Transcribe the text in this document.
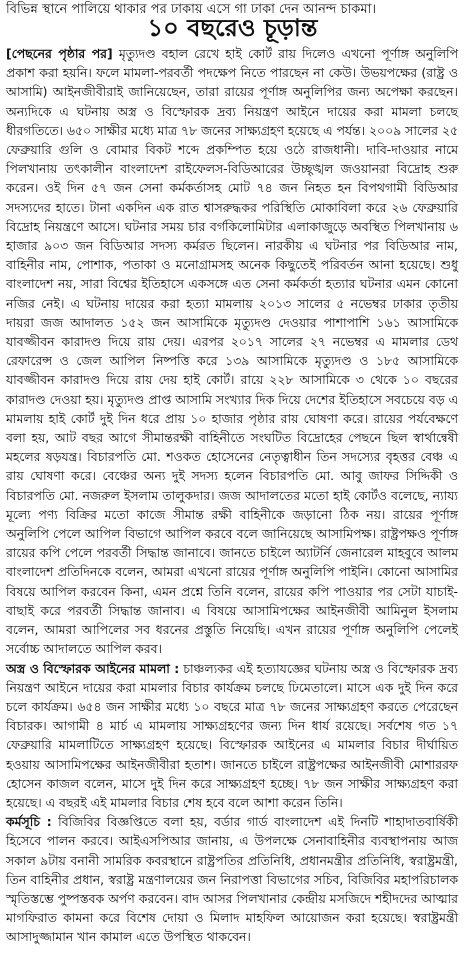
বিভিন্ন স্থানে পালিয়ে থাকার পর ঢাকায় এসে গা ঢাকা দেন আনন্দ চাকমা।
১০ বছরেও চূড়ান্ত

[পেছনের পৃষ্ঠার পর] মৃত্যুদণ্ড বহাল রেখে হাই কোর্ট রায় দিলেও এখনো পূর্ণাঙ্গ অনুলিপি প্রকাশ করা হয়নি। ফলে মামলা-পরবর্তী পদক্ষেপ নিতে পারছেন না কেউ। উভয়পক্ষের (রাষ্ট্র ও আসামি) আইনজীবীরাই জানিয়েছেন, তারা রায়ের পূর্ণাঙ্গ অনুলিপির জন্য অপেক্ষা করছেন। অন্যদিকে এ ঘটনায় অস্ত্র ও বিস্ফোরক দ্রব্য নিয়ন্ত্রণ আইনে দায়ের করা মামলা চলছে ধীরগতিতে। ৬৫০ সাক্ষীর মধ্যে মাত্র ৭৮ জনের সাক্ষ্যগ্রহণ হয়েছে এ পর্যন্ত। ২০০৯ সালের ২৫ ফেব্রুয়ারি গুলি ও বোমার বিকট শব্দে প্রকম্পিত হয়ে ওঠে রাজধানী। দাবি-দাওয়ার নামে পিলখানায় তৎকালীন বাংলাদেশ রাইফেলস-বিডিআরের উচ্ছৃঙ্খল জওয়ানরা বিদ্রোহ শুরু করেন। ওই দিন ৫৭ জন সেনা কর্মকর্তাসহ মোট ৭৪ জন নিহত হন বিপথগামী বিডিআর সদস্যদের হাতে। টানা একদিন এক রাত শ্বাসরুদ্ধকর পরিস্থিতি মোকাবিলা করে ২৬ ফেব্রুয়ারি বিদ্রোহ নিয়ন্ত্রণে আসে। ঘটনার সময় চার বর্গকিলোমিটার এলাকাজুড়ে অবস্থিত পিলখানায় ৬ হাজার ৯০৩ জন বিডিআর সদস্য কর্মরত ছিলেন। নারকীয় এ ঘটনার পর বিডিআর নাম, বাহিনীর নাম, পোশাক, পতাকা ও মনোগ্রামসহ অনেক কিছুতেই পরিবর্তন আনা হয়েছে। শুধু বাংলাদেশ নয়, সারা বিশ্বের ইতিহাসে একসঙ্গে এত সেনা কর্মকর্তা হত্যার ঘটনার এমন কোনো নজির নেই। এ ঘটনায় দায়ের করা হত্যা মামলায় ২০১৩ সালের ৫ নভেম্বর ঢাকার তৃতীয় দায়রা জজ আদালত ১৫২ জন আসামিকে মৃত্যুদণ্ড দেওয়ার পাশাপাশি ১৬১ আসামিকে যাবজ্জীবন কারাদণ্ড দিয়ে রায় দেয়। এরপর ২০১৭ সালের ২৭ নভেম্বর এ মামলার ডেথ রেফারেন্স ও জেল আপিল নিষ্পত্তি করে ১৩৯ আসামিকে মৃত্যুদণ্ড ও ১৮৫ আসামিকে যাবজ্জীবন কারাদণ্ড দিয়ে রায় দেয় হাই কোর্ট। রায়ে ২২৮ আসামিকে ৩ থেকে ১০ বছরের কারাদণ্ড দেওয়া হয়। মৃত্যুদণ্ড প্রাপ্ত আসামি সংখ্যার দিক দিয়ে দেশের ইতিহাসে সবচেয়ে বড় এ মামলায় হাই কোর্ট দুই দিন ধরে প্রায় ১০ হাজার পৃষ্ঠার রায় ঘোষণা করে। রায়ের পর্যবেক্ষণে বলা হয়, আট বছর আগে সীমান্তরক্ষী বাহিনীতে সংঘটিত বিদ্রোহের পেছনে ছিল স্বার্থান্বেষী মহলের ষড়যন্ত্র। বিচারপতি মো. শওকত হোসেনের নেতৃত্বাধীন তিন সদস্যের বৃহত্তর বেঞ্চ এ রায় ঘোষণা করে। বেঞ্চের অন্য দুই সদস্য হলেন বিচারপতি মো. আবু জাফর সিদ্দিকী ও বিচারপতি মো. নজরুল ইসলাম তালুকদার। জজ আদালতের মতো হাই কোর্টও বলেছে, ন্যায্য মূল্যে পণ্য বিক্রির মতো কাজে সীমান্ত রক্ষী বাহিনীকে জড়ানো ঠিক নয়। রায়ের পূর্ণাঙ্গ অনুলিপি পেলে আপিল বিভাগে আপিল করবে বলে জানিয়েছে আসামিপক্ষ। রাষ্ট্রপক্ষও পূর্ণাঙ্গ রায়ের কপি পেলে পরবর্তী সিদ্ধান্ত জানাবে। জানতে চাইলে অ্যাটর্নি জেনারেল মাহবুবে আলম বাংলাদেশ প্রতিদিনকে বলেন, আমরা এখনো রায়ের পূর্ণাঙ্গ অনুলিপি পাইনি। কোনো আসামির বিষয়ে আপিল করবেন কিনা, এমন প্রশ্নে তিনি বলেন, রায়ের কপি পাওয়ার পর সেটা যাচাই-বাছাই করে পরবর্তী সিদ্ধান্ত জানাব। এ বিষয়ে আসামিপক্ষের আইনজীবী আমিনুল ইসলাম বলেন, আমরা আপিলের সব ধরনের প্রস্তুতি নিয়েছি। এখন রায়ের পূর্ণাঙ্গ অনুলিপি পেলেই সর্বোচ্চ আদালতে আপিল করব।

অস্ত্র ও বিস্ফোরক আইনের মামলা : চাঞ্চল্যকর এই হত্যাযজ্ঞের ঘটনায় অস্ত্র ও বিস্ফোরক দ্রব্য নিয়ন্ত্রণ আইনে দায়ের করা মামলার বিচার কার্যক্রম চলছে ঢিমেতালে। মাসে এক দুই দিন করে চলে কার্যক্রম। ৬৫৪ জন সাক্ষীর মধ্যে ১০ বছরে মাত্র ৭৮ জনের সাক্ষ্যগ্রহণ করতে পেরেছেন বিচারক। আগামী ৪ মার্চ এ মামলায় সাক্ষ্যগ্রহণের জন্য দিন ধার্য রয়েছে। সর্বশেষ গত ১৭ ফেব্রুয়ারি মামলাটিতে সাক্ষ্যগ্রহণ হয়েছে। বিস্ফোরক আইনের এ মামলার বিচার দীর্ঘায়িত হওয়ায় আসামিপক্ষের আইনজীবীরা হতাশ। জানতে চাইলে রাষ্ট্রপক্ষের আইনজীবী মোশাররফ হোসেন কাজল বলেন, মাসে দুই দিন করে সাক্ষ্যগ্রহণ হচ্ছে। ৭৮ জন সাক্ষীর সাক্ষ্যগ্রহণ করা হয়েছে। এ বছরই এই মামলার বিচার শেষ হবে বলে আশা করেন তিনি।

কর্মসূচি : বিজিবির বিজ্ঞপ্তিতে বলা হয়, বর্ডার গার্ড বাংলাদেশ এই দিনটি শাহাদাতবার্ষিকী হিসেবে পালন করবে। আইএসপিআর জানায়, এ উপলক্ষে সেনাবাহিনীর ব্যবস্থাপনায় আজ সকাল ৯টায় বনানী সামরিক কবরস্থানে রাষ্ট্রপতির প্রতিনিধি, প্রধানমন্ত্রীর প্রতিনিধি, স্বরাষ্ট্রমন্ত্রী, তিন বাহিনীর প্রধান, স্বরাষ্ট্র মন্ত্রণালয়ের জন নিরাপত্তা বিভাগের সচিব, বিজিবির মহাপরিচালক স্মৃতিস্তম্ভে পুষ্পস্তবক অর্পণ করবেন। বাদ আসর পিলখানার কেন্দ্রীয় মসজিদে শহীদদের আত্মার মাগফিরাত কামনা করে বিশেষ দোয়া ও মিলাদ মাহফিল আয়োজন করা হয়েছে। স্বরাষ্ট্রমন্ত্রী আসাদুজ্জামান খান কামাল এতে উপস্থিত থাকবেন।
